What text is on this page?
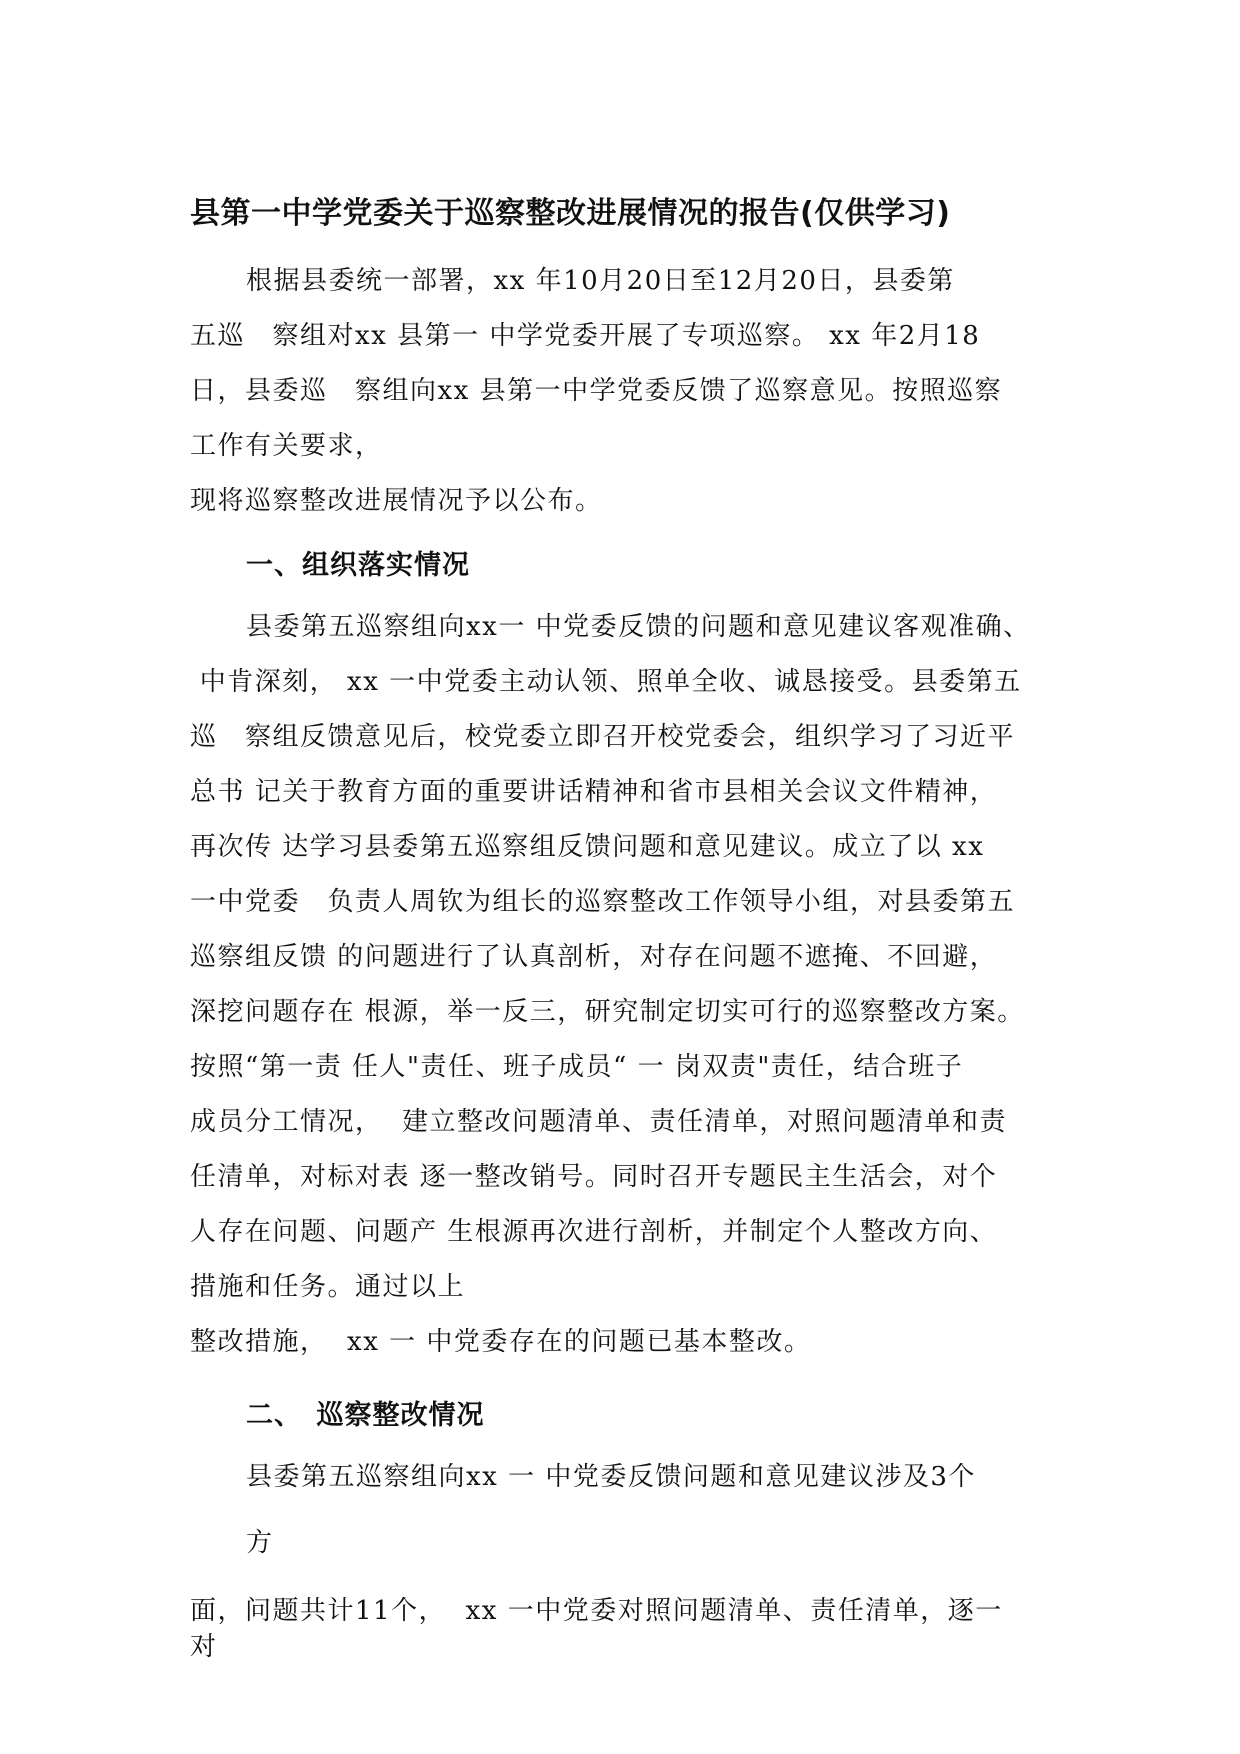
县第一中学党委关于巡察整改进展情况的报告(仅供学习)
根据县委统一部署，xx 年10月20日至12月20日，县委第
五巡　察组对xx 县第一 中学党委开展了专项巡察。 xx 年2月18
日，县委巡　察组向xx 县第一中学党委反馈了巡察意见。按照巡察
工作有关要求，
现将巡察整改进展情况予以公布。
一、组织落实情况
县委第五巡察组向xx一 中党委反馈的问题和意见建议客观准确、
中肯深刻， xx 一中党委主动认领、照单全收、诚恳接受。县委第五
巡　察组反馈意见后，校党委立即召开校党委会，组织学习了习近平
总书 记关于教育方面的重要讲话精神和省市县相关会议文件精神，
再次传 达学习县委第五巡察组反馈问题和意见建议。成立了以 xx
一中党委　负责人周钦为组长的巡察整改工作领导小组，对县委第五
巡察组反馈 的问题进行了认真剖析，对存在问题不遮掩、不回避，
深挖问题存在 根源，举一反三，研究制定切实可行的巡察整改方案。
按照“第一责 任人"责任、班子成员“ 一 岗双责"责任，结合班子
成员分工情况，  建立整改问题清单、责任清单，对照问题清单和责
任清单，对标对表 逐一整改销号。同时召开专题民主生活会，对个
人存在问题、问题产 生根源再次进行剖析，并制定个人整改方向、
措施和任务。通过以上
整改措施，  xx 一 中党委存在的问题已基本整改。
二、　巡察整改情况
县委第五巡察组向xx 一 中党委反馈问题和意见建议涉及3个
方
面，问题共计11个，  xx 一中党委对照问题清单、责任清单，逐一
对
